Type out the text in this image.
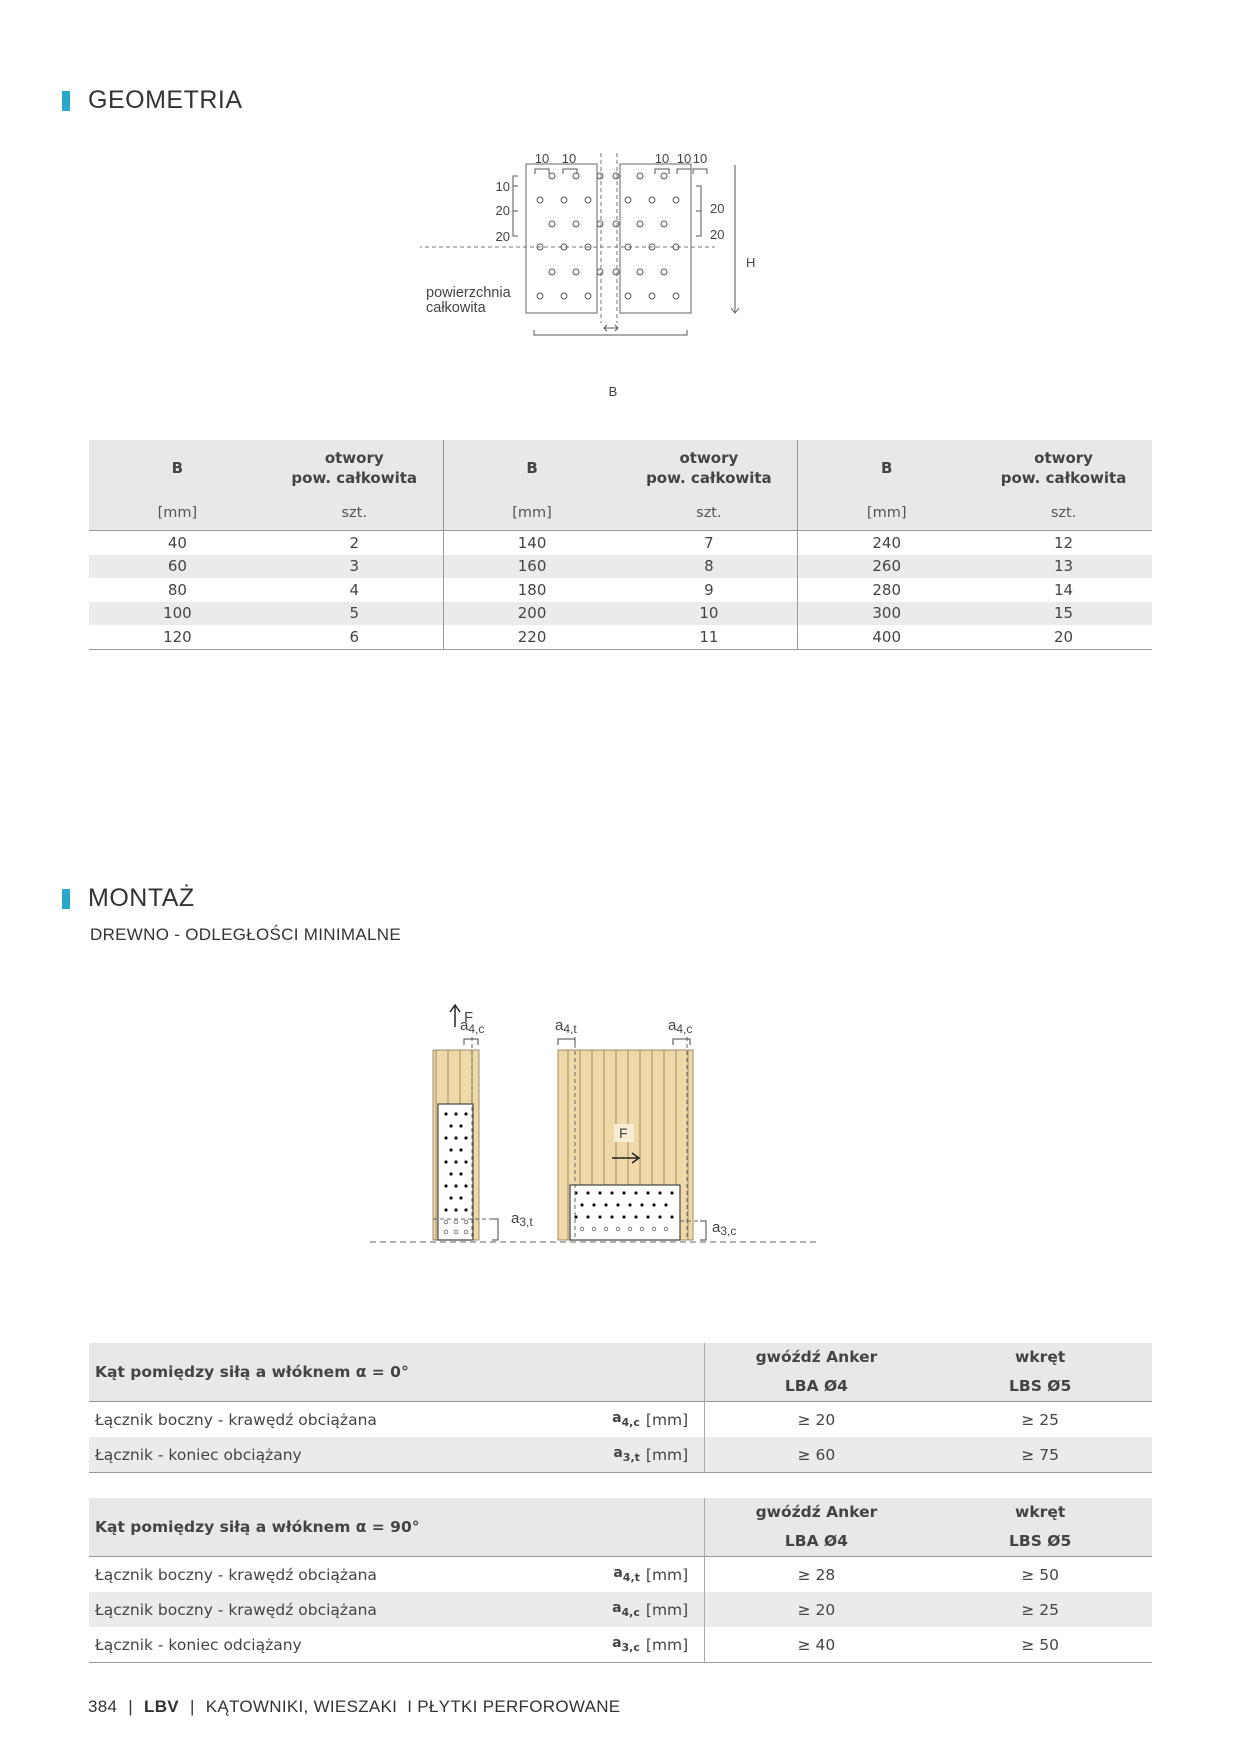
GEOMETRIA
10 10	10 10 10
10
20
20
20
20
H
B
powierzchnia
całkowita
B	otwory
pow. całkowita	B	otwory
pow. całkowita	B	otwory
pow. całkowita
[mm]	szt.	[mm]	szt.	[mm]	szt.
40	2	140	7	240	12
60	3	160	8	260	13
80	4	180	9	280	14
100	5	200	10	300	15
120	6	220	11	400	20
MONTAŻ
DREWNO - ODLEGŁOŚCI MINIMALNE
F
$a_{4,c}$
$a_{3,t}$
$a_{4,t}$	$a_{4,c}$
F
$a_{3,c}$
Kąt pomiędzy siłą a włóknem α = 0°
gwóźdź Anker
LBA Ø4
wkręt
LBS Ø5
Łącznik boczny - krawędź obciążana	$a_{4,c}$ [mm]	≥ 20	≥ 25
Łącznik - koniec obciążany	$a_{3,t}$ [mm]	≥ 60	≥ 75
Kąt pomiędzy siłą a włóknem α = 90°
gwóźdź Anker
LBA Ø4
wkręt
LBS Ø5
Łącznik boczny - krawędź obciążana	$a_{4,t}$ [mm]	≥ 28	≥ 50
Łącznik boczny - krawędź obciążana	$a_{4,c}$ [mm]	≥ 20	≥ 25
Łącznik - koniec odciążany	$a_{3,c}$ [mm]	≥ 40	≥ 50
384 | LBV | KĄTOWNIKI, WIESZAKI  I PŁYTKI PERFOROWANE
